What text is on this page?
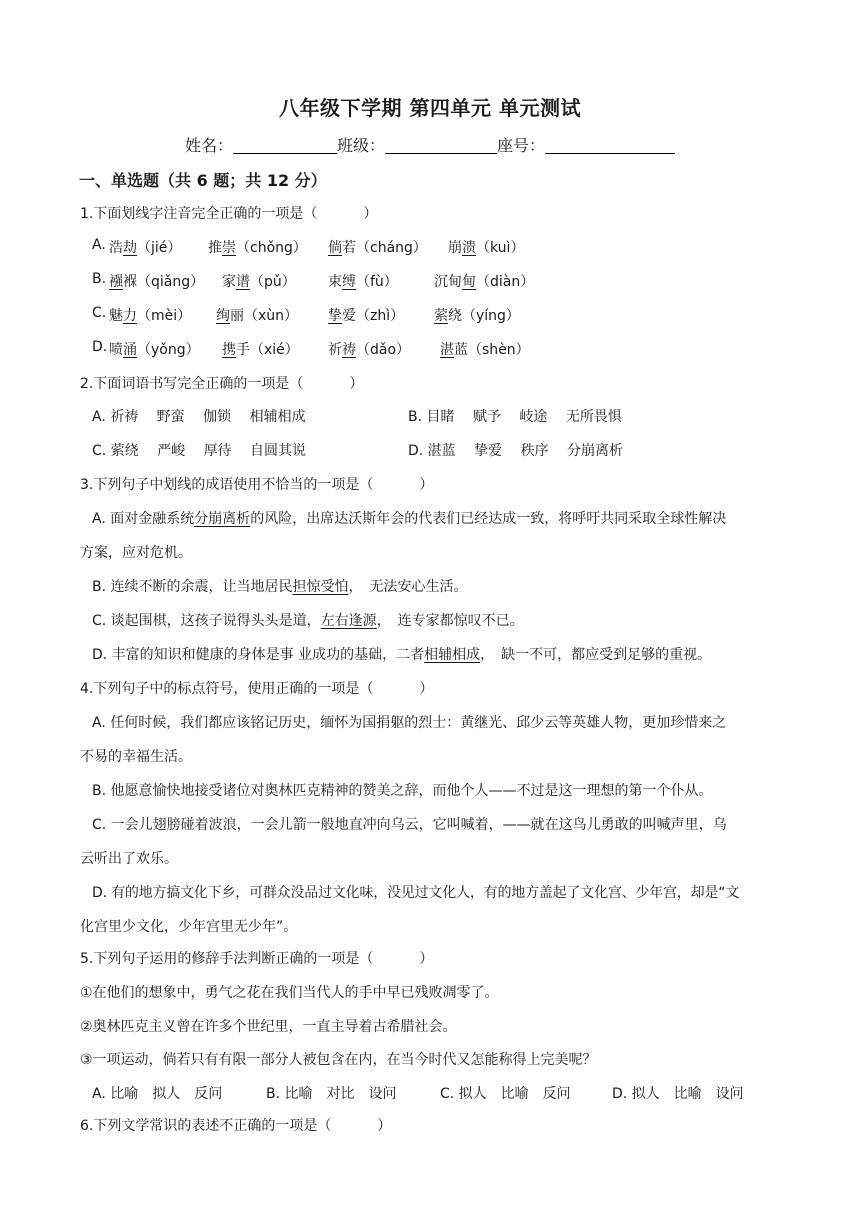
八年级下学期 第四单元 单元测试
姓名：	班级：	座号：
一、单选题（共 6 题；共 12 分）
1.下面划线字注音完全正确的一项是（	）
A. 浩劫（jié） 推崇（chǒng） 倘若（cháng） 崩溃（kuì）
B. 襁褓（qiǎng） 家谱（pǔ） 束缚（fù）	沉甸甸（diàn）
C. 魅力（mèi） 绚丽（xùn） 挚爱（zhì） 萦绕（yíng）
D. 喷涌（yǒng） 携手（xié） 祈祷（dǎo） 湛蓝（shèn）
2.下面词语书写完全正确的一项是（	）
A. 祈祷　 野蛮　 伽锁　 相辅相成	B. 目睹　 赋予　 岐途　 无所畏惧
C. 萦绕　 严峻　 厚待　 自圆其说	D. 湛蓝　 挚爱　 秩序　 分崩离析
3.下列句子中划线的成语使用不恰当的一项是（	）
A. 面对金融系统分崩离析的风险，出席达沃斯年会的代表们已经达成一致，将呼吁共同采取全球性解决
方案，应对危机。
B. 连续不断的余震，让当地居民担惊受怕，　无法安心生活。
C. 谈起围棋，这孩子说得头头是道，左右逢源，　连专家都惊叹不已。
D. 丰富的知识和健康的身体是事 业成功的基础，二者相辅相成，　缺一不可，都应受到足够的重视。
4.下列句子中的标点符号，使用正确的一项是（	）
A. 任何时候，我们都应该铭记历史，缅怀为国捐躯的烈士：黄继光、邱少云等英雄人物，更加珍惜来之
不易的幸福生活。
B. 他愿意愉快地接受诸位对奥林匹克精神的赞美之辞，而他个人——不过是这一理想的第一个仆从。
C. 一会儿翅膀碰着波浪，一会儿箭一般地直冲向乌云，它叫喊着，——就在这鸟儿勇敢的叫喊声里，乌
云听出了欢乐。
D. 有的地方搞文化下乡，可群众没品过文化味，没见过文化人，有的地方盖起了文化宫、少年宫，却是“文
化宫里少文化，少年宫里无少年”。
5.下列句子运用的修辞手法判断正确的一项是（	）
①在他们的想象中，勇气之花在我们当代人的手中早已残败凋零了。
②奥林匹克主义曾在许多个世纪里，一直主导着古希腊社会。
③一项运动，倘若只有有限一部分人被包含在内，在当今时代又怎能称得上完美呢？
A. 比喻　拟人　反问	B. 比喻　对比　设问	C. 拟人　比喻　反问	D. 拟人　比喻　设问
6.下列文学常识的表述不正确的一项是（	）
